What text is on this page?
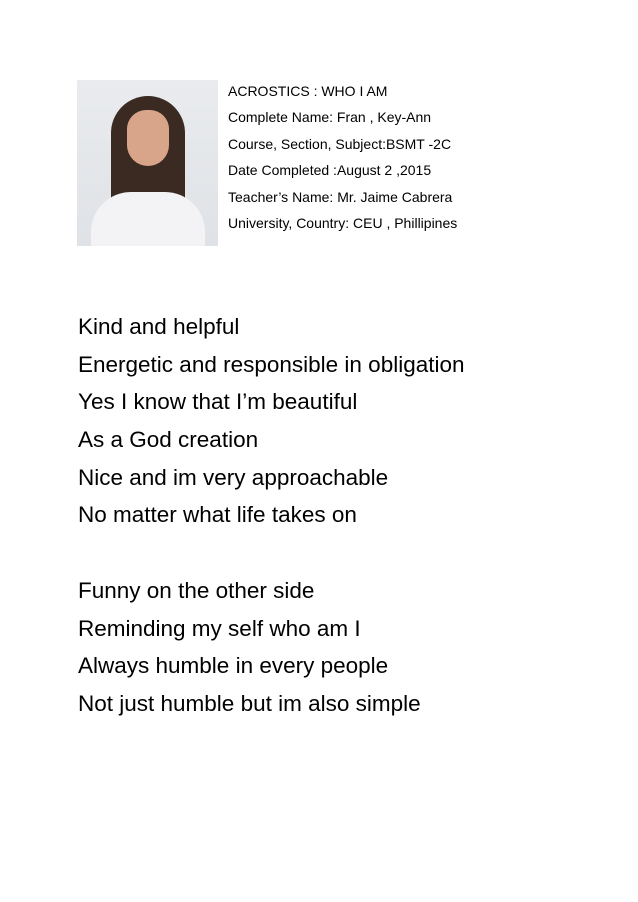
ACROSTICS : WHO I AM
Complete Name: Fran , Key-Ann
Course, Section, Subject:BSMT -2C
Date Completed :August 2 ,2015
Teacher’s Name: Mr. Jaime Cabrera
University, Country: CEU , Phillipines
Kind and helpful
Energetic and responsible in obligation
Yes I know that I’m beautiful
As a God creation
Nice and im very approachable
No matter what life takes on
Funny on the other side
Reminding my self who am I
Always humble in every people
Not just humble but im also simple
